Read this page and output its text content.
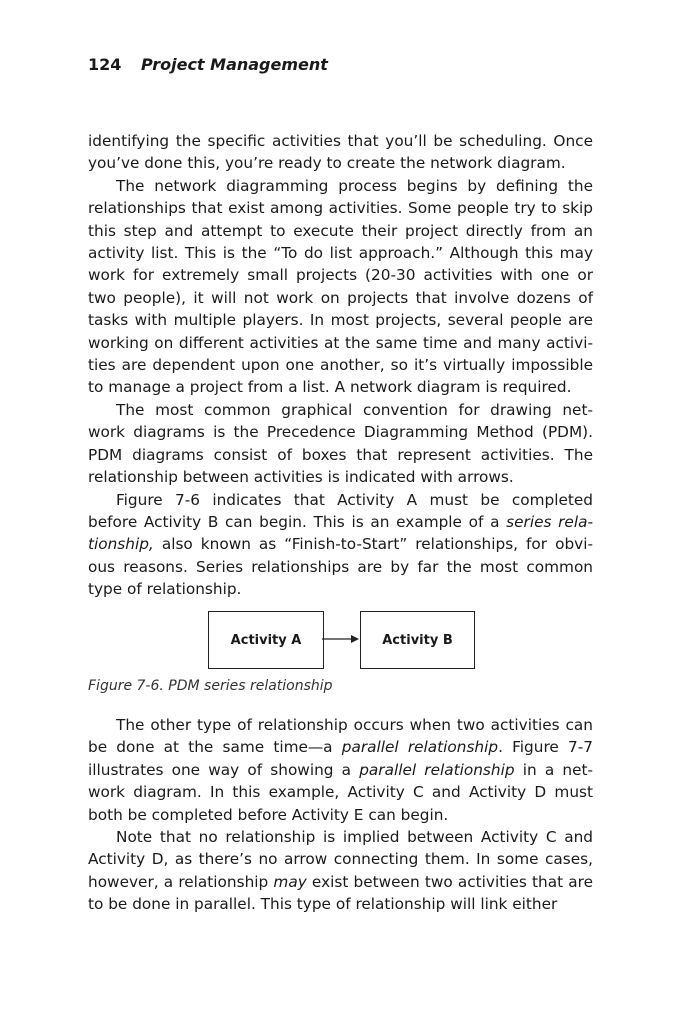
124 Project Management
identifying the specific activities that you’ll be scheduling. Once
you’ve done this, you’re ready to create the network diagram.
The network diagramming process begins by defining the
relationships that exist among activities. Some people try to skip
this step and attempt to execute their project directly from an
activity list. This is the “To do list approach.” Although this may
work for extremely small projects (20-30 activities with one or
two people), it will not work on projects that involve dozens of
tasks with multiple players. In most projects, several people are
working on different activities at the same time and many activi-
ties are dependent upon one another, so it’s virtually impossible
to manage a project from a list. A network diagram is required.
The most common graphical convention for drawing net-
work diagrams is the Precedence Diagramming Method (PDM).
PDM diagrams consist of boxes that represent activities. The
relationship between activities is indicated with arrows.
Figure 7-6 indicates that Activity A must be completed
before Activity B can begin. This is an example of a series rela-
tionship, also known as “Finish-to-Start” relationships, for obvi-
ous reasons. Series relationships are by far the most common
type of relationship.
Activity A	Activity B
Figure 7-6. PDM series relationship
The other type of relationship occurs when two activities can
be done at the same time—a parallel relationship. Figure 7-7
illustrates one way of showing a parallel relationship in a net-
work diagram. In this example, Activity C and Activity D must
both be completed before Activity E can begin.
Note that no relationship is implied between Activity C and
Activity D, as there’s no arrow connecting them. In some cases,
however, a relationship may exist between two activities that are
to be done in parallel. This type of relationship will link either
